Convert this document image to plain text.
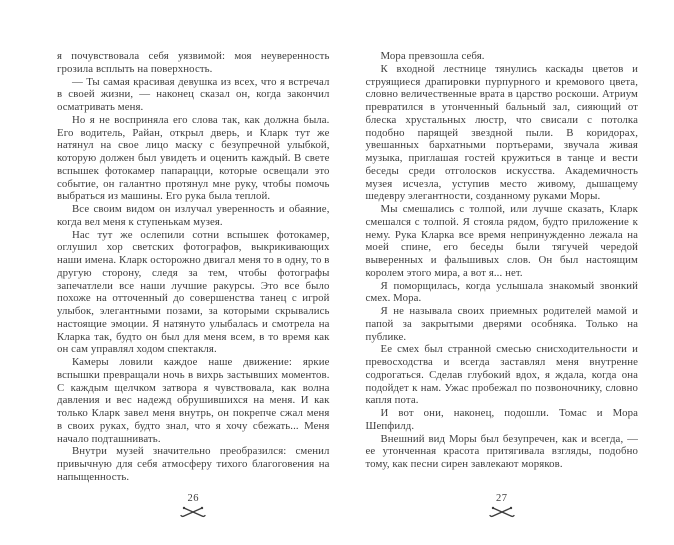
я почувствовала себя уязвимой: моя неуверенность грозила всплыть на поверхность.

— Ты самая красивая девушка из всех, что я встречал в своей жизни, — наконец сказал он, когда закончил осматривать меня.

Но я не восприняла его слова так, как должна была. Его водитель, Райан, открыл дверь, и Кларк тут же натянул на свое лицо маску с безупречной улыбкой, которую должен был увидеть и оценить каждый. В свете вспышек фотокамер папарацци, которые освещали это событие, он галантно протянул мне руку, чтобы помочь выбраться из машины. Его рука была теплой.

Все своим видом он излучал уверенность и обаяние, когда вел меня к ступенькам музея.

Нас тут же ослепили сотни вспышек фотокамер, оглушил хор светских фотографов, выкрикивающих наши имена. Кларк осторожно двигал меня то в одну, то в другую сторону, следя за тем, чтобы фотографы запечатлели все наши лучшие ракурсы. Это все было похоже на отточенный до совершенства танец с игрой улыбок, элегантными позами, за которыми скрывались настоящие эмоции. Я натянуто улыбалась и смотрела на Кларка так, будто он был для меня всем, в то время как он сам управлял ходом спектакля.

Камеры ловили каждое наше движение: яркие вспышки превращали ночь в вихрь застывших моментов. С каждым щелчком затвора я чувствовала, как волна давления и вес надежд обрушившихся на меня. И как только Кларк завел меня внутрь, он покрепче сжал меня в своих руках, будто знал, что я хочу сбежать... Меня начало подташнивать.

Внутри музей значительно преобразился: сменил привычную для себя атмосферу тихого благоговения на напыщенность.

26

Мора превзошла себя.

К входной лестнице тянулись каскады цветов и струящиеся драпировки пурпурного и кремового цвета, словно величественные врата в царство роскоши. Атриум превратился в утонченный бальный зал, сияющий от блеска хрустальных люстр, что свисали с потолка подобно парящей звездной пыли. В коридорах, увешанных бархатными портьерами, звучала живая музыка, приглашая гостей кружиться в танце и вести беседы среди отголосков искусства. Академичность музея исчезла, уступив место живому, дышащему шедевру элегантности, созданному руками Моры.

Мы смешались с толпой, или лучше сказать, Кларк смешался с толпой. Я стояла рядом, будто приложение к нему. Рука Кларка все время непринужденно лежала на моей спине, его беседы были тягучей чередой выверенных и фальшивых слов. Он был настоящим королем этого мира, а вот я... нет.

Я поморщилась, когда услышала знакомый звонкий смех. Мора.

Я не называла своих приемных родителей мамой и папой за закрытыми дверями особняка. Только на публике.

Ее смех был странной смесью снисходительности и превосходства и всегда заставлял меня внутренне содрогаться. Сделав глубокий вдох, я ждала, когда она подойдет к нам. Ужас пробежал по позвоночнику, словно капля пота.

И вот они, наконец, подошли. Томас и Мора Шепфилд.

Внешний вид Моры был безупречен, как и всегда, — ее утонченная красота притягивала взгляды, подобно тому, как песни сирен завлекают моряков.

27
